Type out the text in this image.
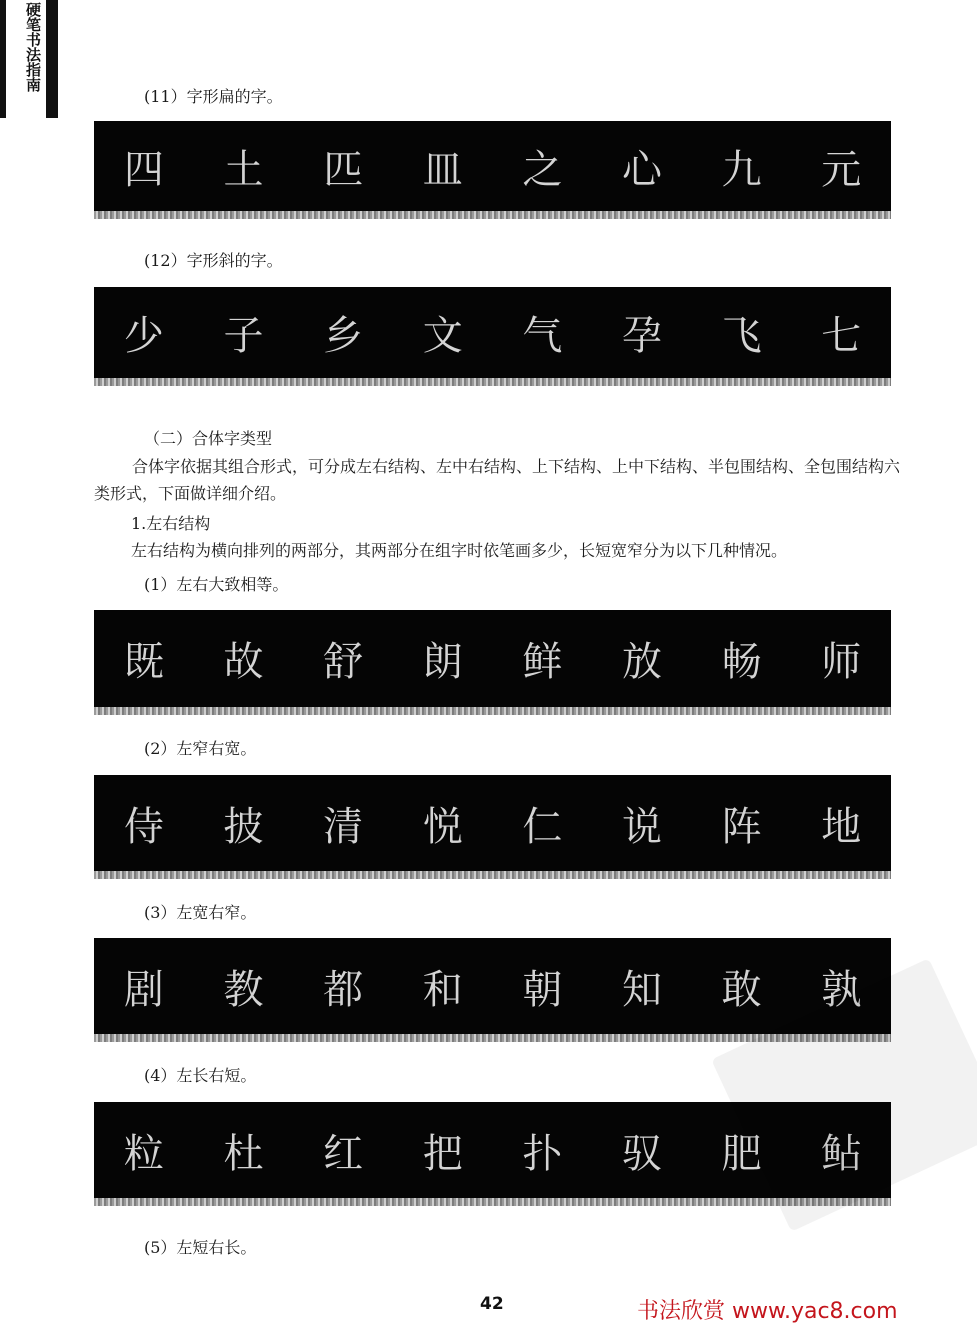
硬笔书法指南
(11）字形扁的字。
四 土 匹 皿 之 心 九 元
(12）字形斜的字。
少 子 乡 文 气 孕 飞 七
（二）合体字类型
合体字依据其组合形式，可分成左右结构、左中右结构、上下结构、上中下结构、半包围结构、全包围结构六类形式，下面做详细介绍。
1.左右结构
左右结构为横向排列的两部分，其两部分在组字时依笔画多少，长短宽窄分为以下几种情况。
(1）左右大致相等。
既 故 舒 朗 鲜 放 畅 师
(2）左窄右宽。
侍 披 清 悦 仁 说 阵 地
(3）左宽右窄。
剧 教 都 和 朝 知 敢 孰
(4）左长右短。
粒 杜 红 把 扑 驭 肥 鲇
(5）左短右长。
42	书法欣赏 www.yac8.com
